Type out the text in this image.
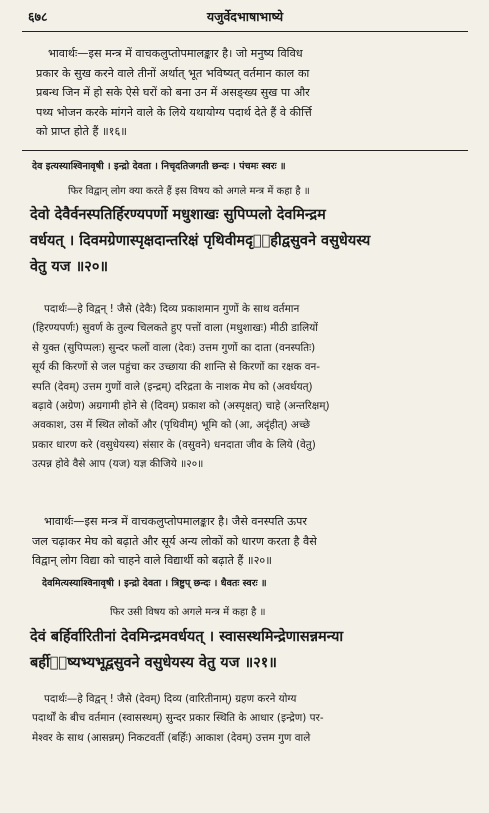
६७८	यजुर्वेदभाषाभाष्ये
भावार्थः—इस मन्त्र में वाचकलुप्तोपमालङ्कार है। जो मनुष्य विविध
प्रकार के सुख करने वाले तीनों अर्थात् भूत भविष्यत् वर्तमान काल का
प्रबन्ध जिन में हो सके ऐसे घरों को बना उन में असङ्ख्य सुख पा और
पथ्य भोजन करके मांगने वाले के लिये यथायोग्य पदार्थ देते हैं वे कीर्त्ति
को प्राप्त होते हैं ॥१६॥
देव इत्यस्याश्विनावृषी । इन्द्रो देवता । निचृदतिजगती छन्दः । पंचमः स्वरः ॥
फिर विद्वान् लोग क्या करते हैं इस विषय को अगले मन्त्र में कहा है ॥
देवो देवैर्वनस्पतिर्हिरण्यपर्णो मधुशाखः सुपिप्पलो देवमिन्द्रम
वर्धयत् । दिवमग्रेणास्पृक्षदान्तरिक्षं पृथिवीमदृᳫँहीद्वसुवने वसुधेयस्य
वेतु यज ॥२०॥
पदार्थः—हे विद्वन् ! जैसे (देवैः) दिव्य प्रकाशमान गुणों के साथ वर्तमान
(हिरण्यपर्णः) सुवर्ण के तुल्य चिलकते हुए पत्तों वाला (मधुशाखः) मीठी डालियों
से युक्त (सुपिप्पलः) सुन्दर फलों वाला (देवः) उत्तम गुणों का दाता (वनस्पतिः)
सूर्य की किरणों से जल पहुंचा कर उच्छाया की शान्ति से किरणों का रक्षक वन-
स्पति (देवम्) उत्तम गुणों वाले (इन्द्रम्) दरिद्रता के नाशक मेघ को (अवर्धयत्)
बढ़ावे (अग्रेण) अग्रगामी होने से (दिवम्) प्रकाश को (अस्पृक्षत्) चाहे (अन्तरिक्षम्)
अवकाश, उस में स्थित लोकों और (पृथिवीम्) भूमि को (आ, अदृंहीत्) अच्छे
प्रकार धारण करे (वसुधेयस्य) संसार के (वसुवने) धनदाता जीव के लिये (वेतु)
उत्पन्न होवे वैसे आप (यज) यज्ञ कीजिये ॥२०॥
भावार्थः—इस मन्त्र में वाचकलुप्तोपमालङ्कार है। जैसे वनस्पति ऊपर
जल चढ़ाकर मेघ को बढ़ाते और सूर्य अन्य लोकों को धारण करता है वैसे
विद्वान् लोग विद्या को चाहने वाले विद्यार्थी को बढ़ाते हैं ॥२०॥
देवमित्यस्याश्विनावृषी । इन्द्रो देवता । त्रिष्टुप् छन्दः । धैवतः स्वरः ॥
फिर उसी विषय को अगले मन्त्र में कहा है ॥
देवं बर्हिर्वारितीनां देवमिन्द्रमवर्धयत् । स्वासस्थमिन्द्रेणासन्नमन्या
बर्हीᳫँष्यभ्यभूद्वसुवने वसुधेयस्य वेतु यज ॥२१॥
पदार्थः—हे विद्वन् ! जैसे (देवम्) दिव्य (वारितीनाम्) ग्रहण करने योग्य
पदार्थों के बीच वर्तमान (स्वासस्थम्) सुन्दर प्रकार स्थिति के आधार (इन्द्रेण) पर-
मेश्वर के साथ (आसन्नम्) निकटवर्ती (बर्हिः) आकाश (देवम्) उत्तम गुण वाले
